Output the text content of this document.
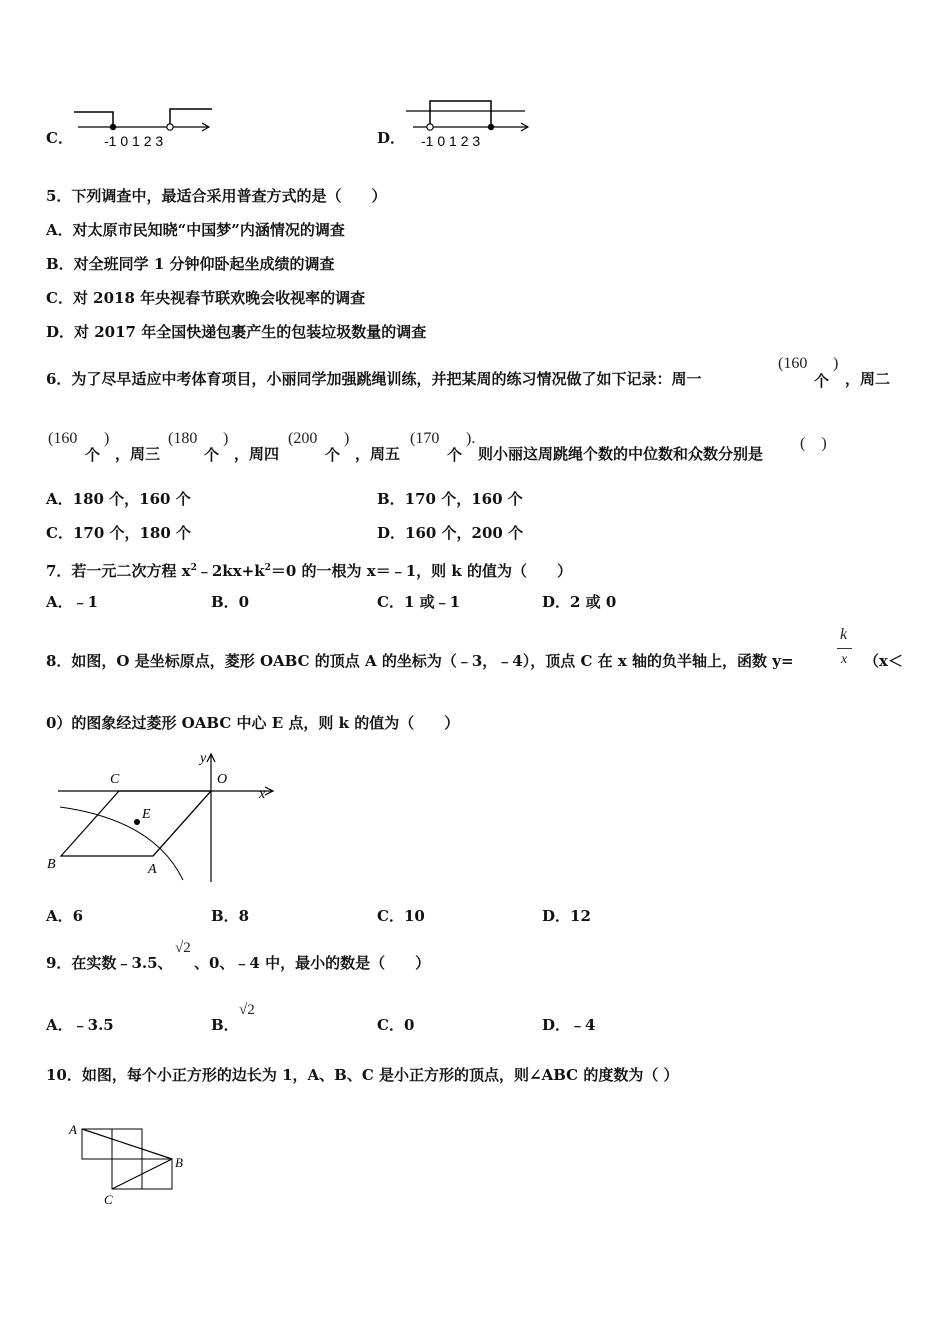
C． -1 0 1 2 3	D． -1 0 1 2 3
5．下列调查中，最适合采用普查方式的是（　　）
A．对太原市民知晓“中国梦”内涵情况的调查
B．对全班同学 1 分钟仰卧起坐成绩的调查
C．对 2018 年央视春节联欢晚会收视率的调查
D．对 2017 年全国快递包裹产生的包装垃圾数量的调查
6．为了尽早适应中考体育项目，小丽同学加强跳绳训练，并把某周的练习情况做了如下记录：周一
(160
个
)
，周二
(160
个
)
，周三
(180
个
)
，周四
(200
个
)
，周五
(170
个
).
则小丽这周跳绳个数的中位数和众数分别是
(　)
A．180 个，160 个	B．170 个，160 个
C．170 个，180 个	D．160 个，200 个
7．若一元二次方程 $x^2﹣2kx+k^2=0$ 的一根为 x＝﹣1，则 k 的值为（　　）
A．﹣1	B．0	C．1 或﹣1	D．2 或 0
8．如图，O 是坐标原点，菱形 OABC 的顶点 A 的坐标为（﹣3，﹣4），顶点 C 在 x 轴的负半轴上，函数 y=
k
x （x＜
0）的图象经过菱形 OABC 中心 E 点，则 k 的值为（　　）
y
O
x
C
E
B	A
A．6	B．8	C．10	D．12
9．在实数﹣3.5、
√2
、0、﹣4 中，最小的数是（　　）
A．﹣3.5	B．
√2
C．0	D．﹣4
10．如图，每个小正方形的边长为 1，A、B、C 是小正方形的顶点，则∠ABC 的度数为（ ）
A
B
C
